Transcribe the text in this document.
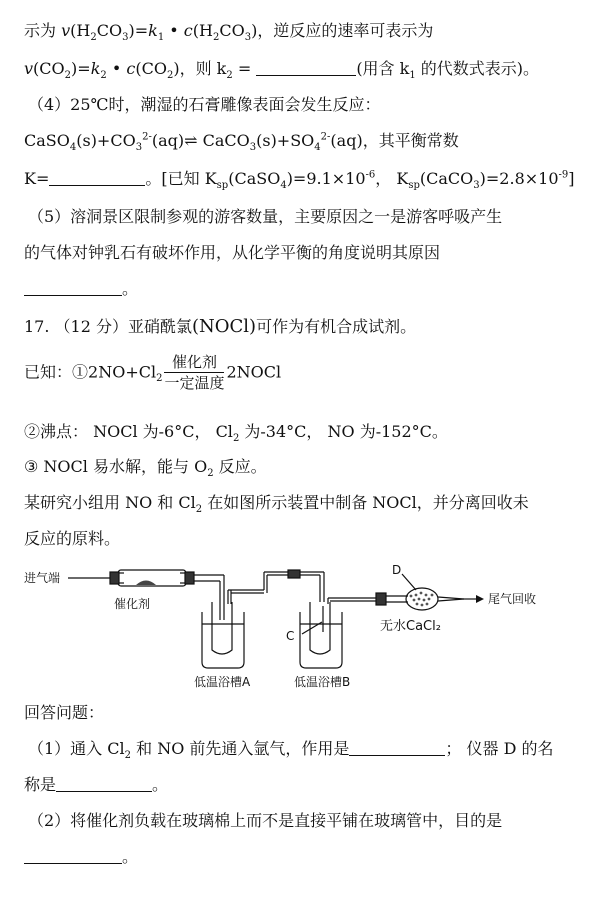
示为 $v(H_2CO_3)=k_1$ • $c(H_2CO_3)$，逆反应的速率可表示为
$v(CO_2)=k_2$ • $c(CO_2)$，则 $k_2$ =	(用含 $k_1$ 的代数式表示)。
（4）25℃时，潮湿的石膏雕像表面会发生反应：
$CaSO_4(s)+CO_3^{2-}(aq)\rightleftharpoons$ $CaCO_3(s)+SO_4^{2-}(aq)$，其平衡常数
K=	。[已知 $K_{sp}(CaSO_4)=9.1\times 10^{-6}$， $K_{sp}(CaCO_3)=2.8\times 10^{-9}$]
（5）溶洞景区限制参观的游客数量，主要原因之一是游客呼吸产生
的气体对钟乳石有破坏作用，从化学平衡的角度说明其原因
。
17. （12 分）亚硝酰氯(NOCl)可作为有机合成试剂。
已知：$①2NO+Cl_2 \frac{\text{催化剂}}{\text{一定温度}}$ 2NOCl
②沸点： NOCl 为-6°C， $Cl_2$ 为-34°C， NO 为-152°C。
③ NOCl 易水解，能与 $O_2$ 反应。
某研究小组用 NO 和 $Cl_2$ 在如图所示装置中制备 NOCl，并分离回收未
反应的原料。
进气端
催化剂
C
D
无水CaCl₂
尾气回收
低温浴槽A	低温浴槽B
回答问题：
（1）通入 $Cl_2$ 和 NO 前先通入氩气，作用是	； 仪器 D 的名
称是	。
（2）将催化剂负载在玻璃棉上而不是直接平铺在玻璃管中，目的是
。
